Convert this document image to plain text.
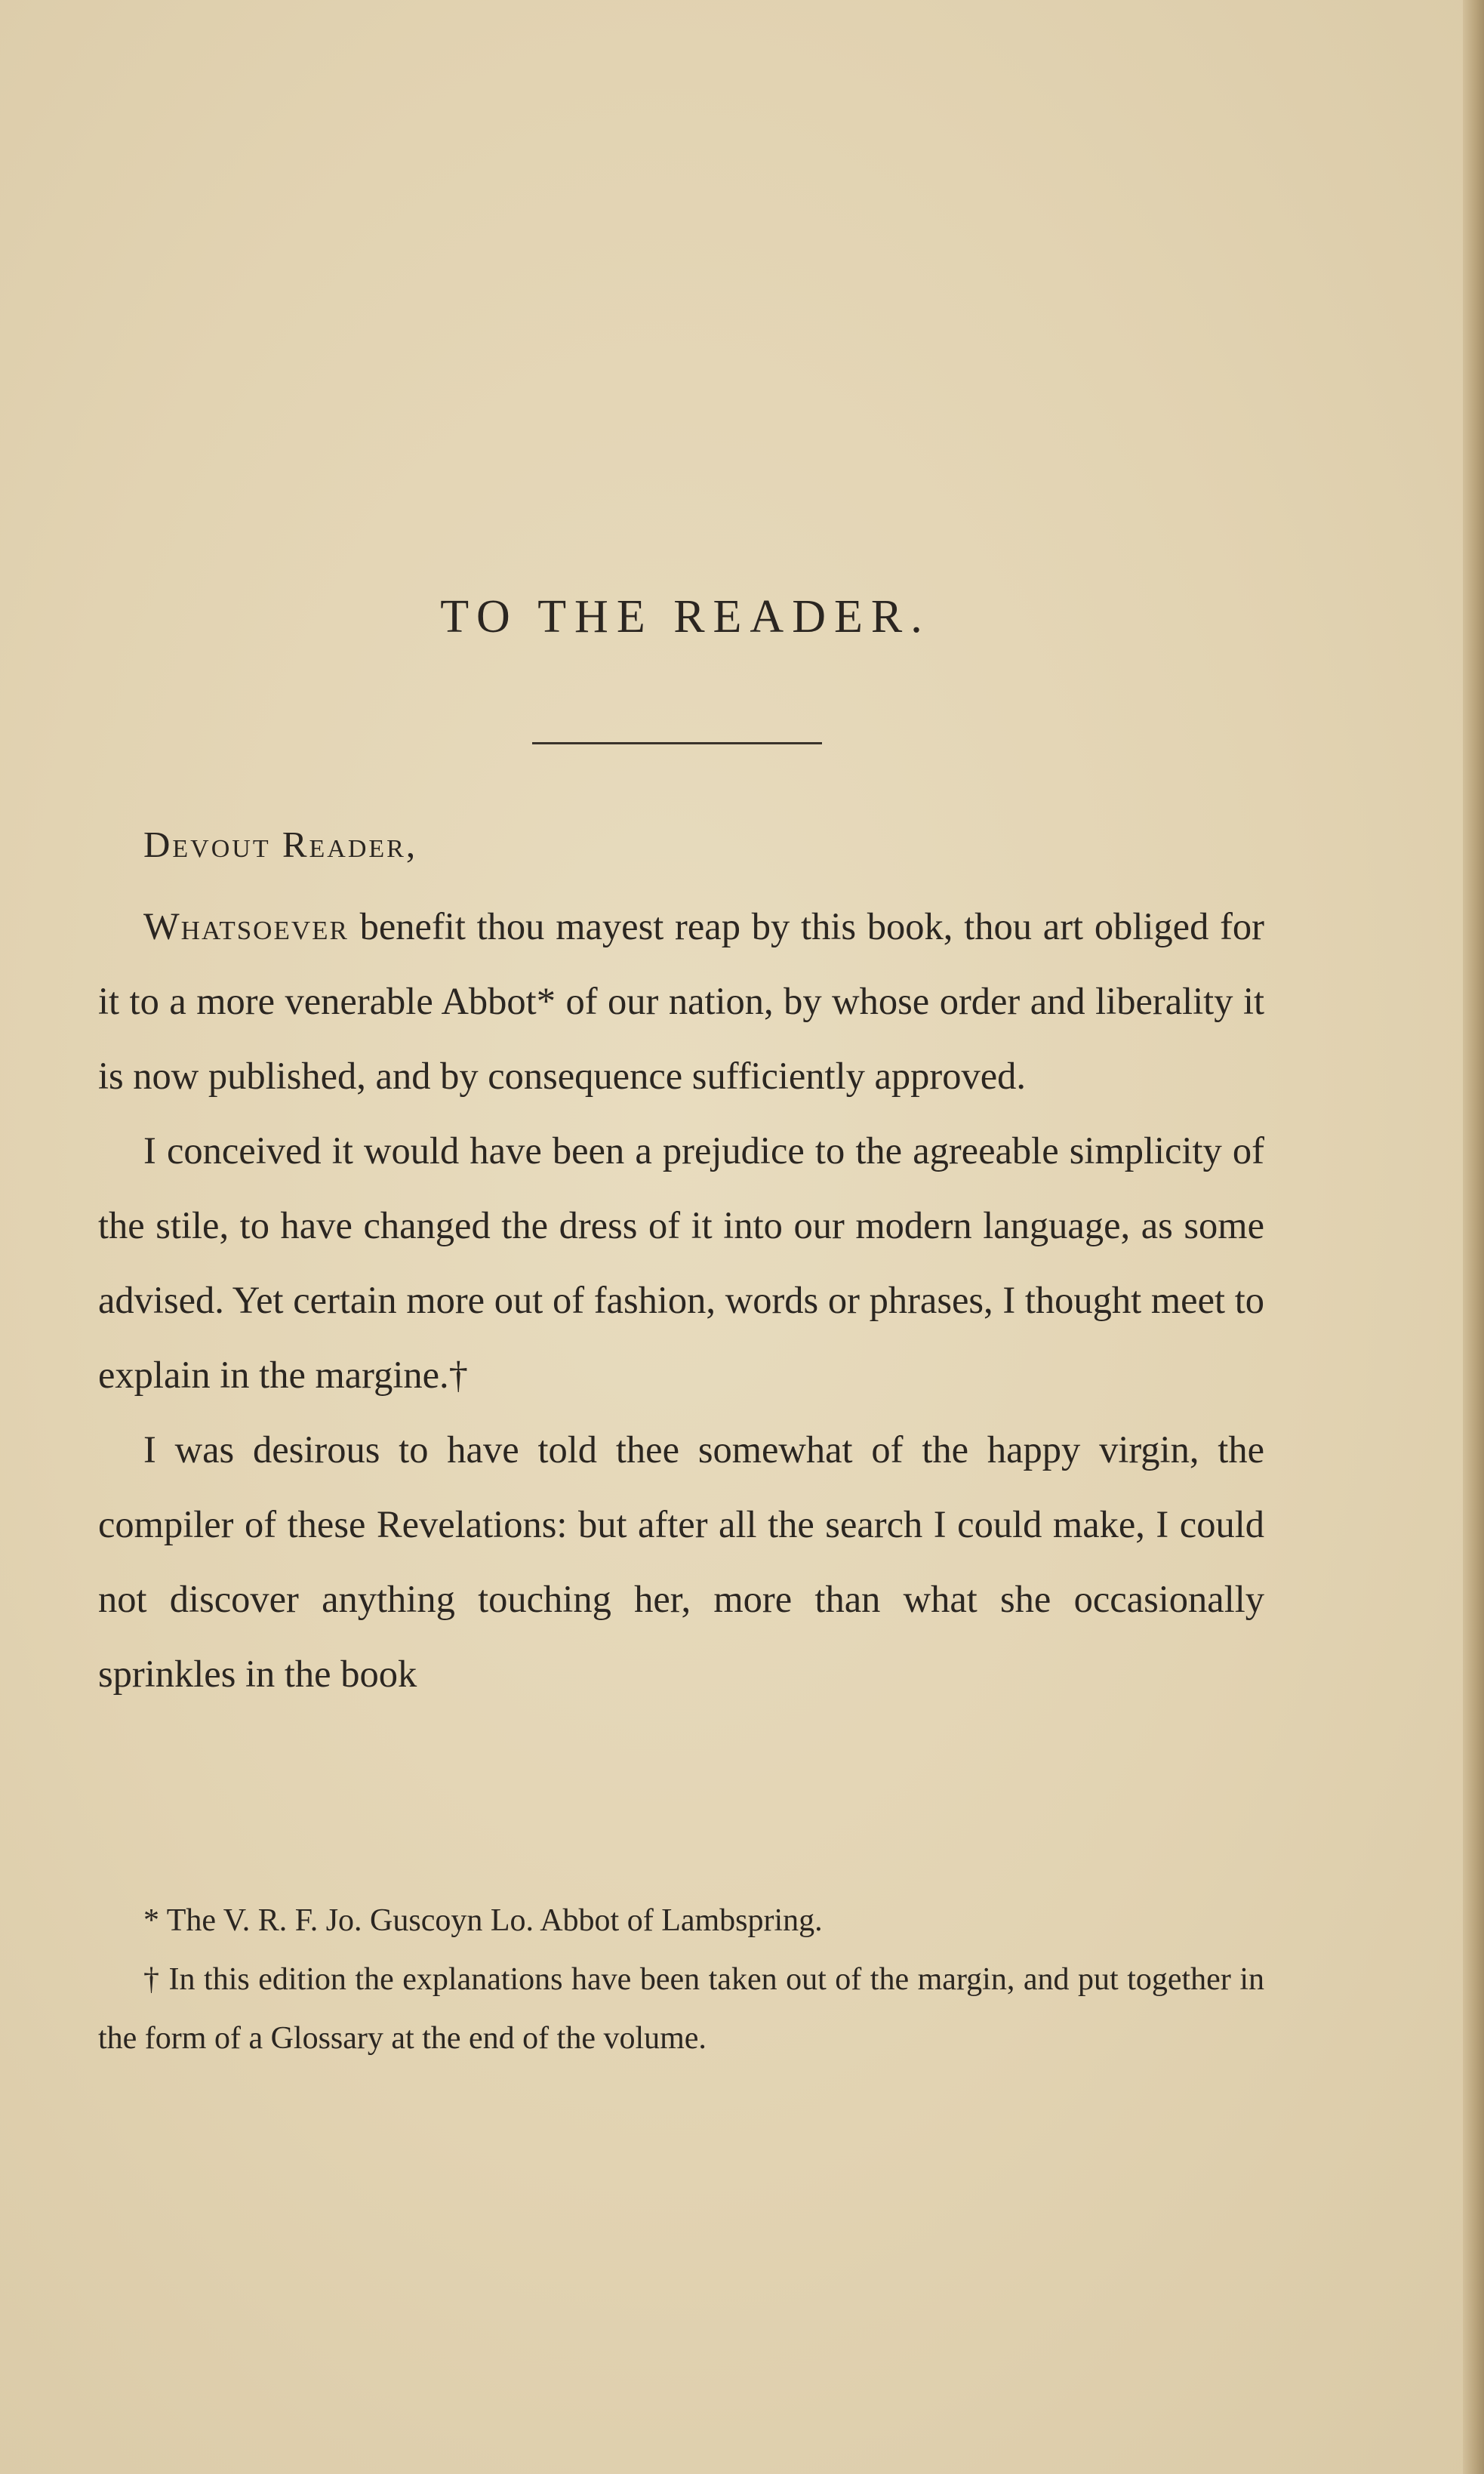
TO THE READER.

Devout Reader,

Whatsoever benefit thou mayest reap by this book, thou art obliged for it to a more venerable Abbot* of our nation, by whose order and liberality it is now published, and by consequence sufficiently approved.

I conceived it would have been a prejudice to the agreeable simplicity of the stile, to have changed the dress of it into our modern language, as some advised. Yet certain more out of fashion, words or phrases, I thought meet to explain in the margine.†

I was desirous to have told thee somewhat of the happy virgin, the compiler of these Revelations: but after all the search I could make, I could not discover anything touching her, more than what she occasionally sprinkles in the book

* The V. R. F. Jo. Guscoyn Lo. Abbot of Lambspring.

† In this edition the explanations have been taken out of the margin, and put together in the form of a Glossary at the end of the volume.
